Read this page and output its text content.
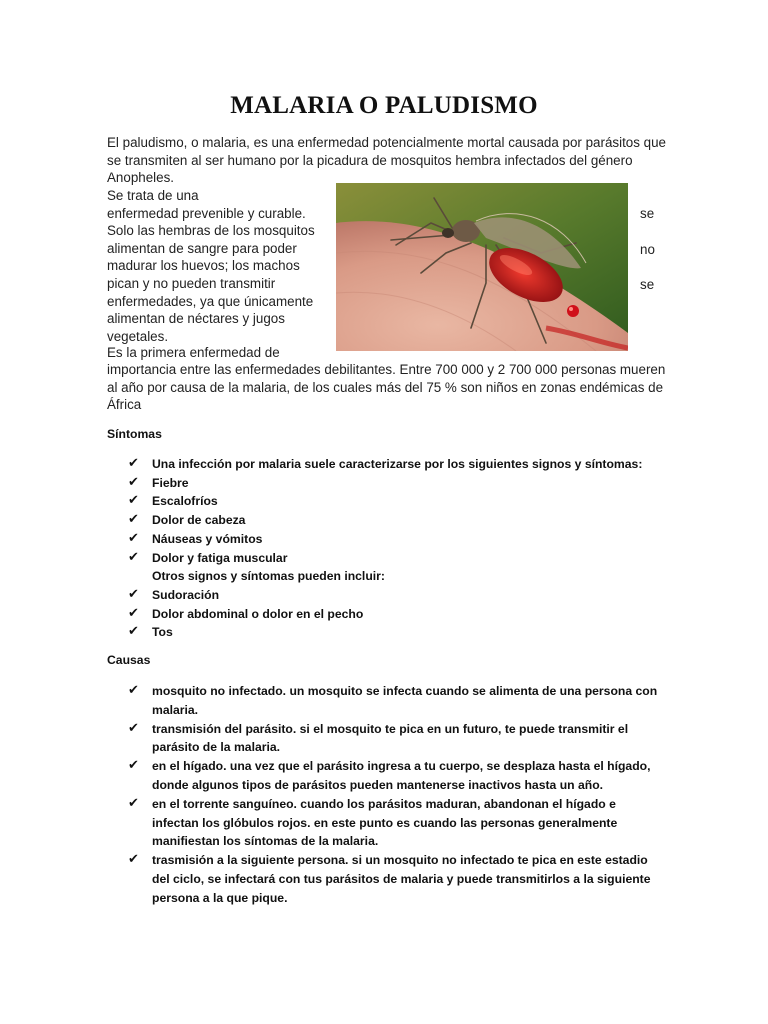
MALARIA O PALUDISMO

El paludismo, o malaria, es una enfermedad potencialmente mortal causada por parásitos que se transmiten al ser humano por la picadura de mosquitos hembra infectados del género Anopheles.

Se trata de una
enfermedad prevenible y curable.
Solo las hembras de los mosquitos
alimentan de sangre para poder
madurar los huevos; los machos
pican y no pueden transmitir
enfermedades, ya que únicamente
alimentan de néctares y jugos
vegetales.
se
no
se

Es la primera enfermedad de

importancia entre las enfermedades debilitantes. Entre 700 000 y 2 700 000 personas mueren al año por causa de la malaria, de los cuales más del 75 % son niños en zonas endémicas de África

Síntomas

✔ Una infección por malaria suele caracterizarse por los siguientes signos y síntomas:
✔ Fiebre
✔ Escalofríos
✔ Dolor de cabeza
✔ Náuseas y vómitos
✔ Dolor y fatiga muscular
Otros signos y síntomas pueden incluir:
✔ Sudoración
✔ Dolor abdominal o dolor en el pecho
✔ Tos

Causas

✔ mosquito no infectado. un mosquito se infecta cuando se alimenta de una persona con malaria.
✔ transmisión del parásito. si el mosquito te pica en un futuro, te puede transmitir el parásito de la malaria.
✔ en el hígado. una vez que el parásito ingresa a tu cuerpo, se desplaza hasta el hígado, donde algunos tipos de parásitos pueden mantenerse inactivos hasta un año.
✔ en el torrente sanguíneo. cuando los parásitos maduran, abandonan el hígado e infectan los glóbulos rojos. en este punto es cuando las personas generalmente manifiestan los síntomas de la malaria.
✔ trasmisión a la siguiente persona. si un mosquito no infectado te pica en este estadio del ciclo, se infectará con tus parásitos de malaria y puede transmitirlos a la siguiente persona a la que pique.
